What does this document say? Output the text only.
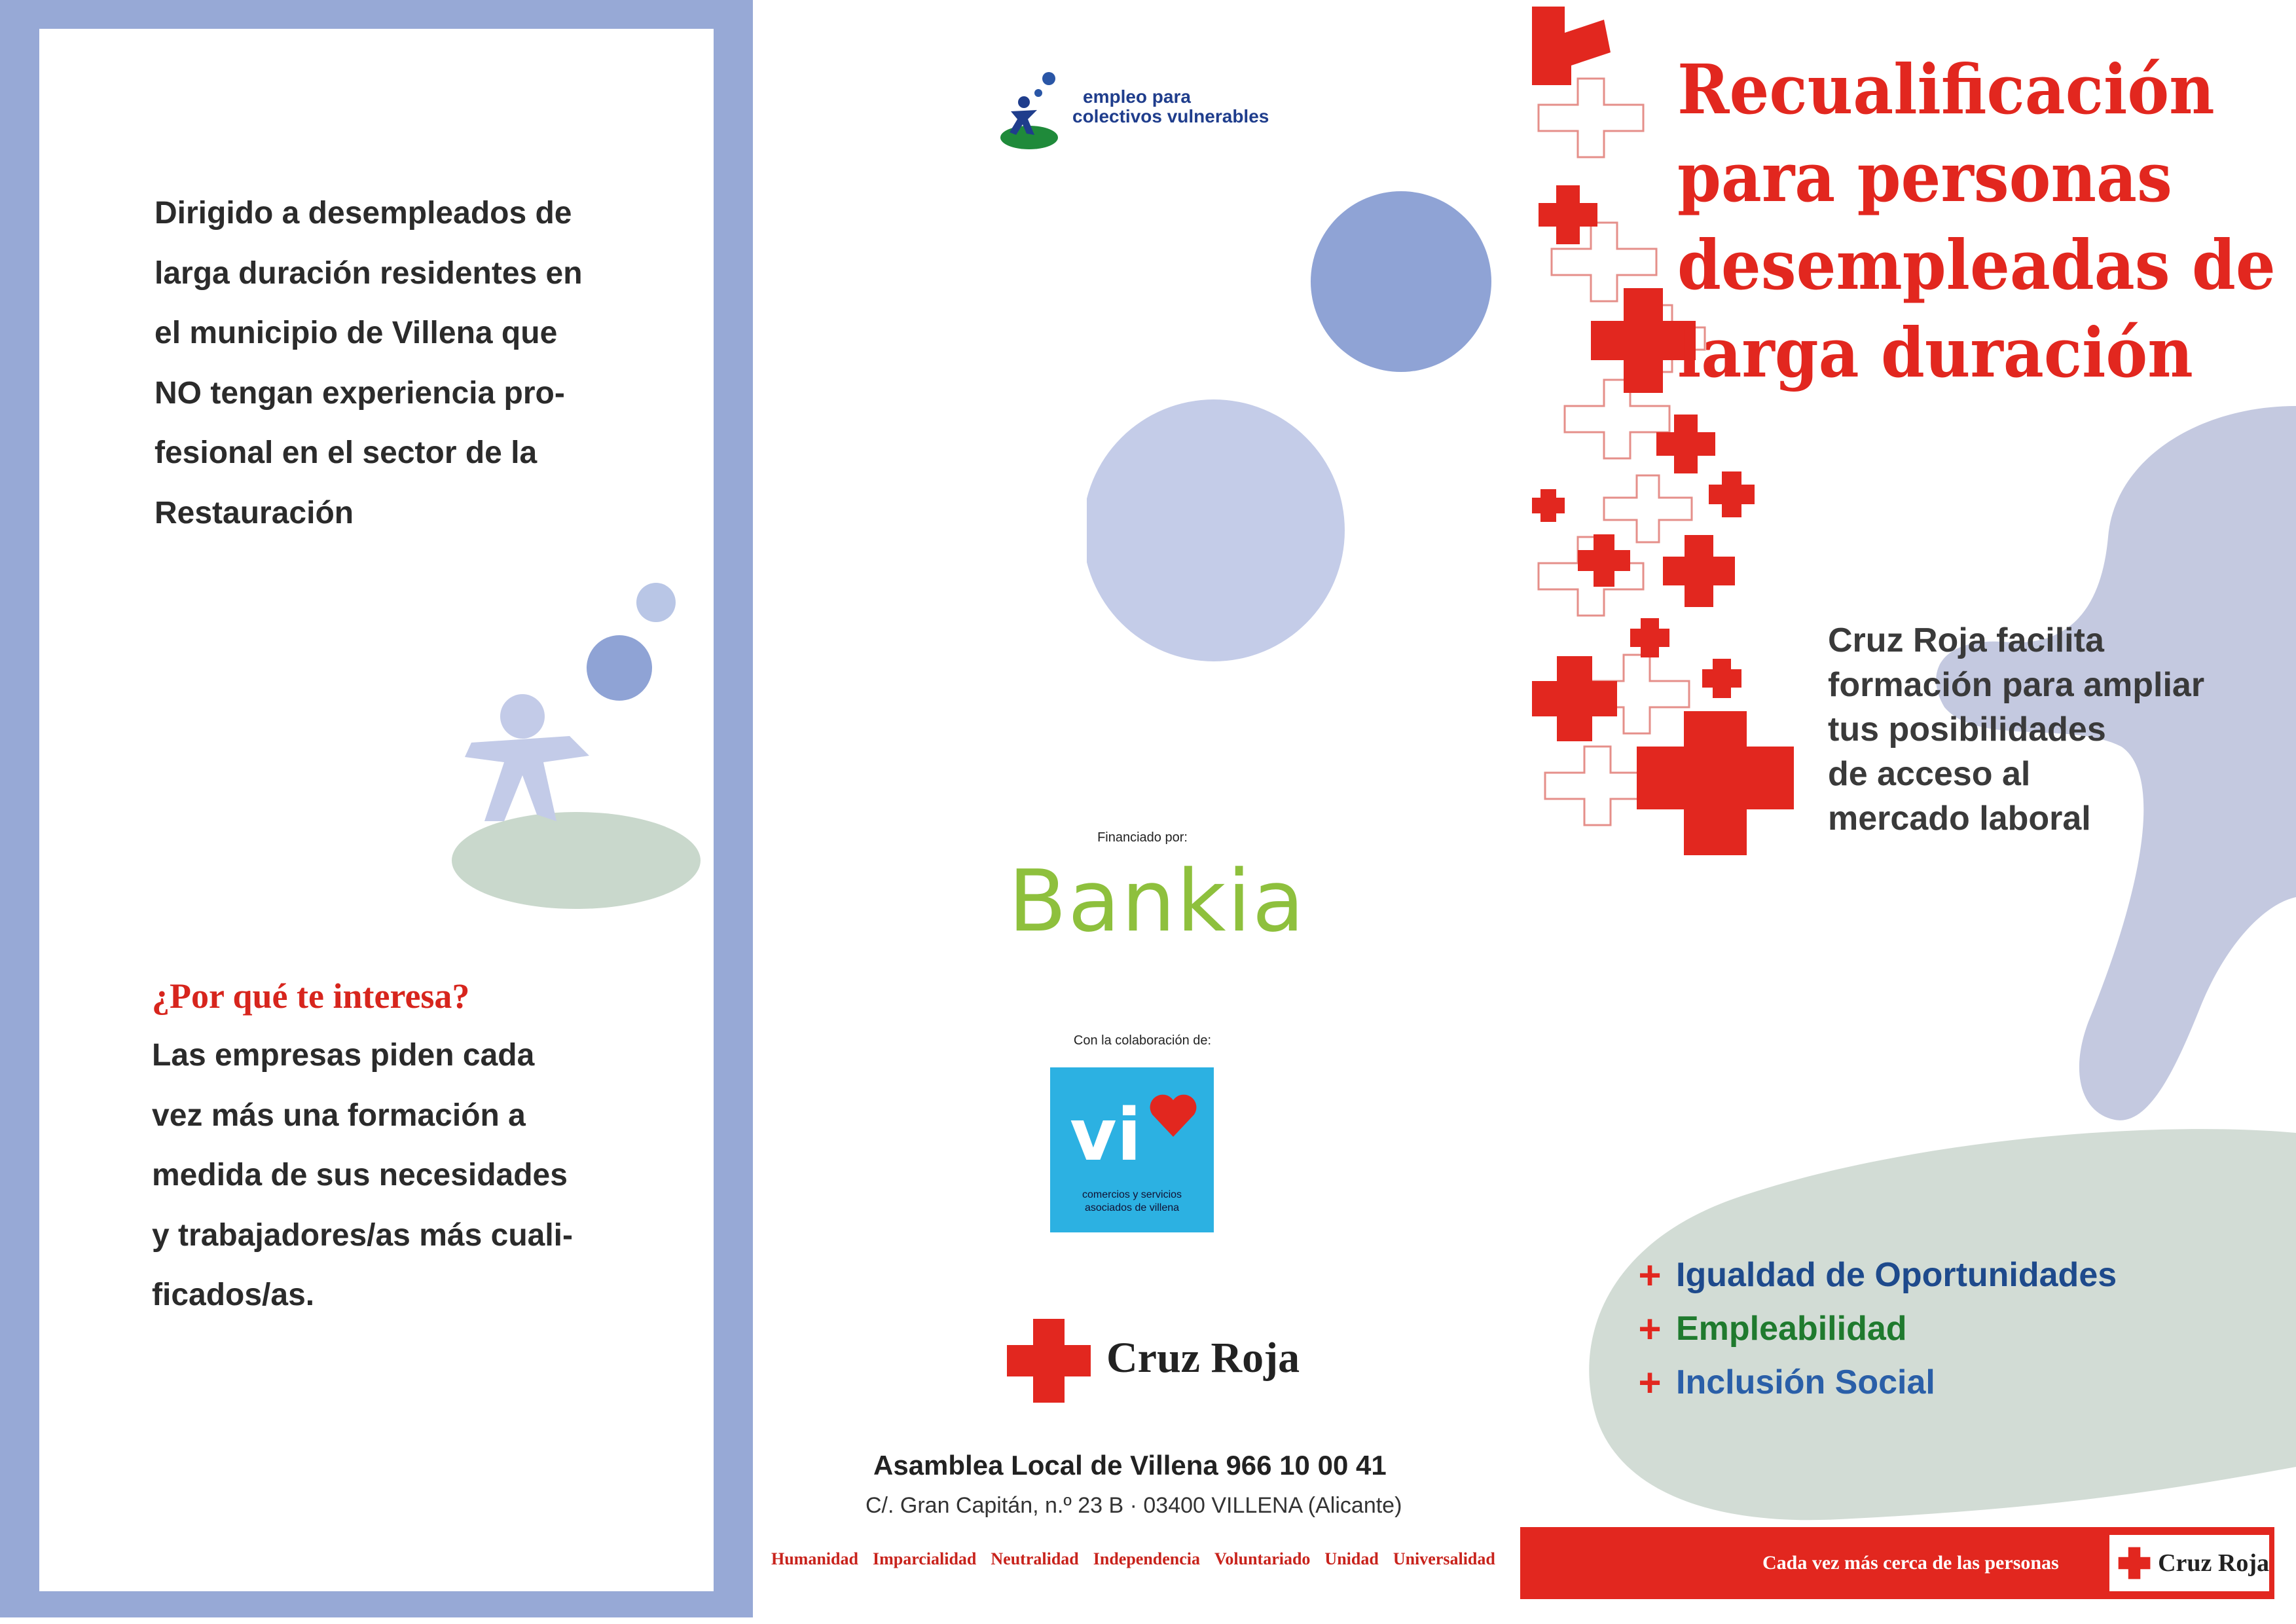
Dirigido a desempleados de
larga duración residentes en
el municipio de Villena que
NO tengan experiencia pro-
fesional en el sector de la
Restauración
¿Por qué te interesa?
Las empresas piden cada
vez más una formación a
medida de sus necesidades
y trabajadores/as más cuali-
ficados/as.
empleo para
colectivos vulnerables
Financiado por:
Bankia
Con la colaboración de:
vi
comercios y servicios
asociados de villena
Cruz Roja
Asamblea Local de Villena 966 10 00 41
C/. Gran Capitán, n.º 23 B · 03400 VILLENA (Alicante)
Humanidad Imparcialidad Neutralidad Independencia Voluntariado Unidad Universalidad
Recualificación
para personas
desempleadas de
larga duración
Cruz Roja facilita
formación para ampliar
tus posibilidades
de acceso al
mercado laboral
+ Igualdad de Oportunidades
+ Empleabilidad
+ Inclusión Social
Cada vez más cerca de las personas	Cruz Roja
